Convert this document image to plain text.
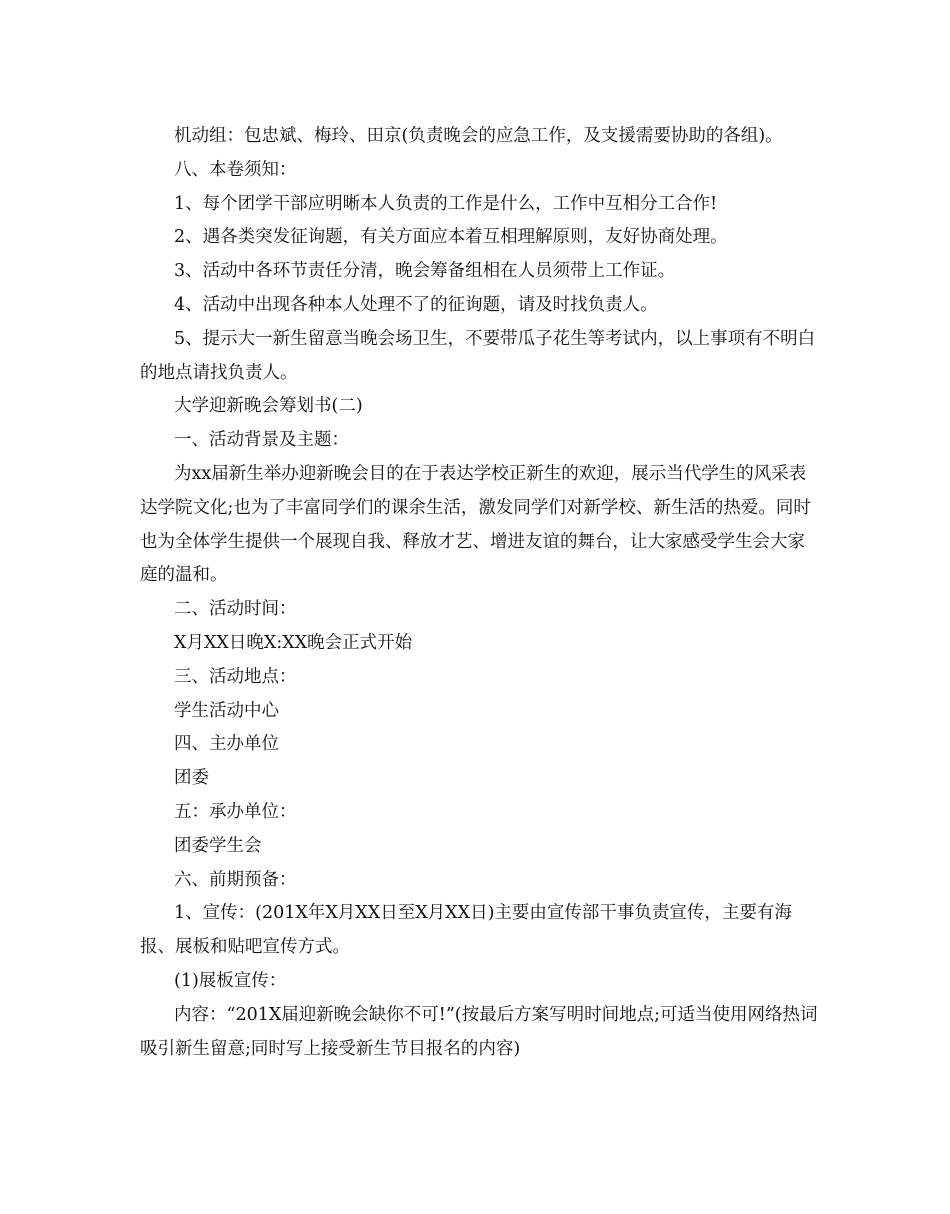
机动组：包忠斌、梅玲、田京(负责晚会的应急工作，及支援需要协助的各组)。

八、本卷须知：

1、每个团学干部应明晰本人负责的工作是什么，工作中互相分工合作!

2、遇各类突发征询题，有关方面应本着互相理解原则，友好协商处理。

3、活动中各环节责任分清，晚会筹备组相在人员须带上工作证。

4、活动中出现各种本人处理不了的征询题，请及时找负责人。

5、提示大一新生留意当晚会场卫生，不要带瓜子花生等考试内，以上事项有不明白的地点请找负责人。

大学迎新晚会筹划书(二)

一、活动背景及主题：

为xx届新生举办迎新晚会目的在于表达学校正新生的欢迎，展示当代学生的风采表达学院文化;也为了丰富同学们的课余生活，激发同学们对新学校、新生活的热爱。同时也为全体学生提供一个展现自我、释放才艺、增进友谊的舞台，让大家感受学生会大家庭的温和。

二、活动时间：

X月XX日晚X:XX晚会正式开始

三、活动地点：

学生活动中心

四、主办单位

团委

五：承办单位：

团委学生会

六、前期预备：

1、宣传：(201X年X月XX日至X月XX日)主要由宣传部干事负责宣传，主要有海报、展板和贴吧宣传方式。

(1)展板宣传：

内容：“201X届迎新晚会缺你不可!”(按最后方案写明时间地点;可适当使用网络热词吸引新生留意;同时写上接受新生节目报名的内容)
